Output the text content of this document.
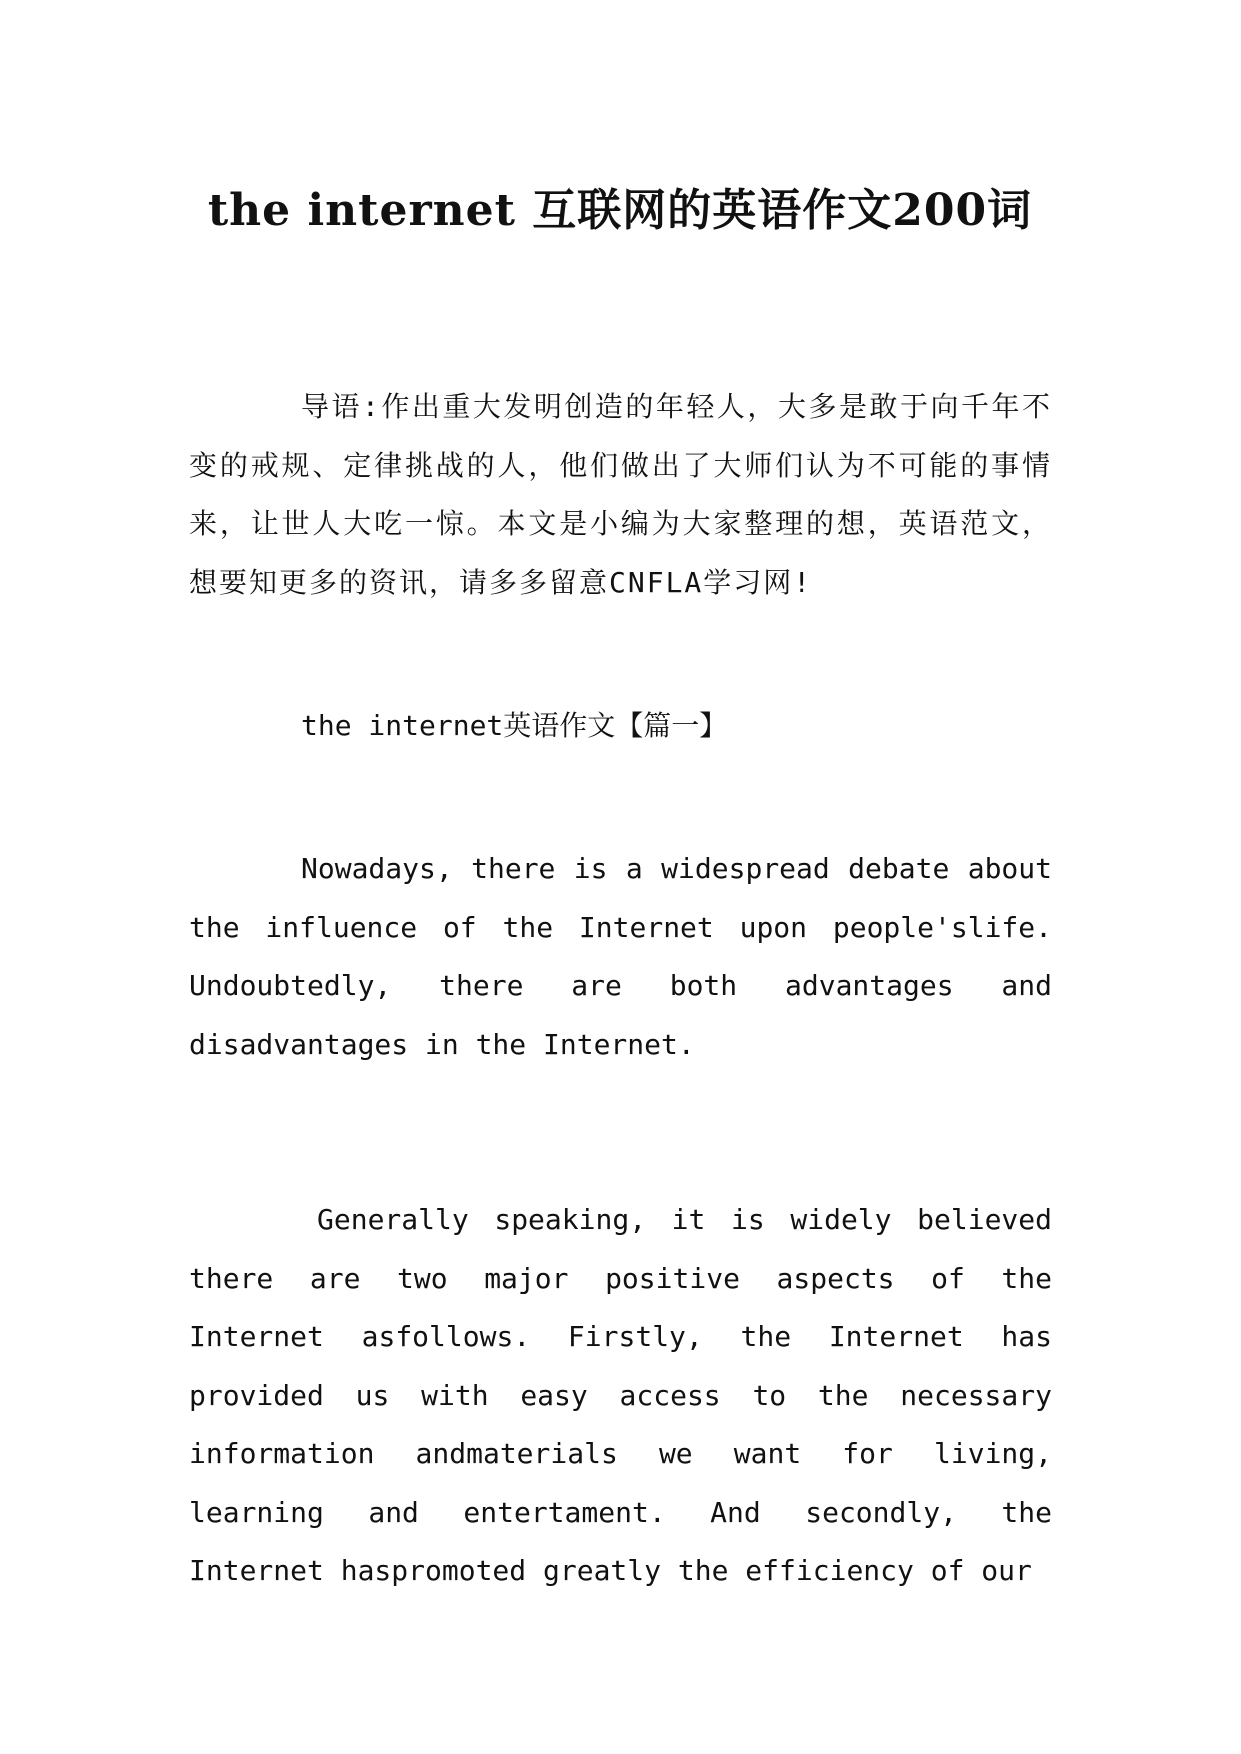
the internet 互联网的英语作文200词

导语:作出重大发明创造的年轻人，大多是敢于向千年不变的戒规、定律挑战的人，他们做出了大师们认为不可能的事情来，让世人大吃一惊。本文是小编为大家整理的想，英语范文，想要知更多的资讯，请多多留意CNFLA学习网!

the internet英语作文【篇一】

Nowadays, there is a widespread debate about the influence of the Internet upon people'slife. Undoubtedly, there are both advantages and disadvantages in the Internet.

Generally speaking, it is widely believed there are two major positive aspects of the Internet asfollows. Firstly, the Internet has provided us with easy access to the necessary information andmaterials we want for living, learning and entertament. And secondly, the Internet haspromoted greatly the efficiency of our
